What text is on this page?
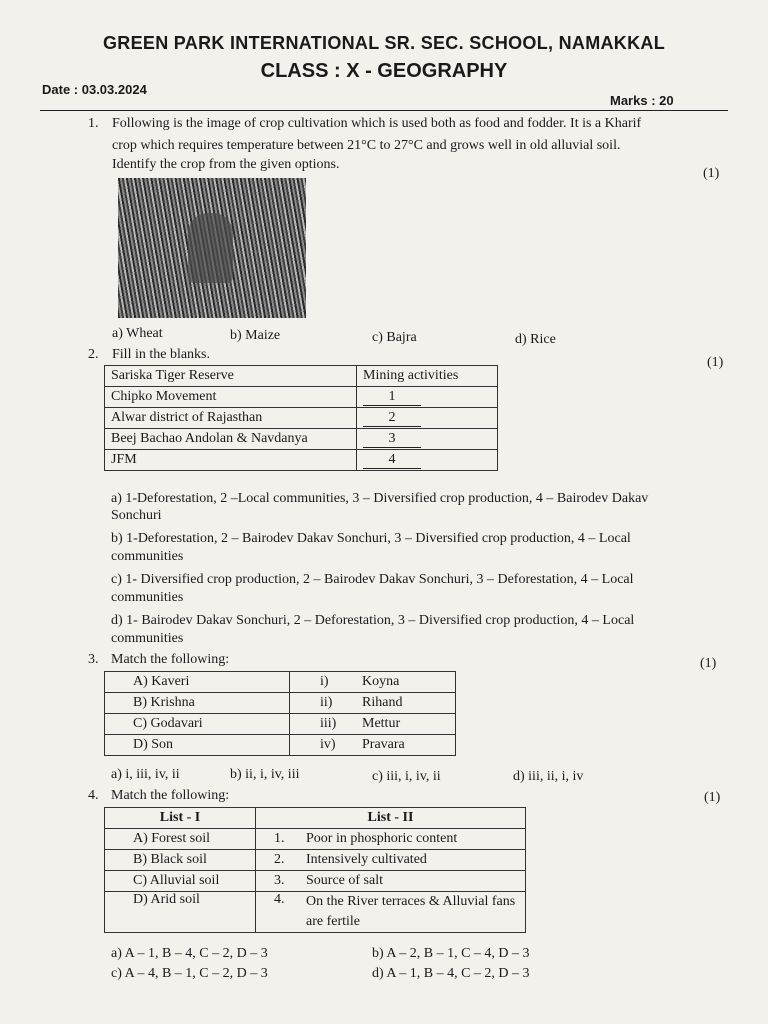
GREEN PARK INTERNATIONAL SR. SEC. SCHOOL, NAMAKKAL
CLASS : X - GEOGRAPHY
Date : 03.03.2024
Marks : 20
1. Following is the image of crop cultivation which is used both as food and fodder. It is a Kharif
crop which requires temperature between 21°C to 27°C and grows well in old alluvial soil.
Identify the crop from the given options.
(1)
a) Wheat	b) Maize	c) Bajra	d) Rice
2. Fill in the blanks.
(1)
Sariska Tiger Reserve	Mining activities
Chipko Movement	1
Alwar district of Rajasthan	2
Beej Bachao Andolan & Navdanya	3
JFM	4
a) 1-Deforestation, 2 –Local communities, 3 – Diversified crop production, 4 – Bairodev Dakav
Sonchuri
b) 1-Deforestation, 2 – Bairodev Dakav Sonchuri, 3 – Diversified crop production, 4 – Local
communities
c) 1- Diversified crop production, 2 – Bairodev Dakav Sonchuri, 3 – Deforestation, 4 – Local
communities
d) 1- Bairodev Dakav Sonchuri, 2 – Deforestation, 3 – Diversified crop production, 4 – Local
communities
3. Match the following:	(1)
A) Kaveri	i)	Koyna
B) Krishna	ii)	Rihand
C) Godavari	iii)	Mettur
D) Son	iv)	Pravara
a) i, iii, iv, ii	b) ii, i, iv, iii	c) iii, i, iv, ii	d) iii, ii, i, iv
4. Match the following:	(1)
List - I	List - II	
A) Forest soil	1.	Poor in phosphoric content
B) Black soil	2.	Intensively cultivated
C) Alluvial soil	3.	Source of salt
D) Arid soil	4.	On the River terraces & Alluvial fans are fertile
a) A – 1, B – 4, C – 2, D – 3	b) A – 2, B – 1, C – 4, D – 3
c) A – 4, B – 1, C – 2, D – 3	d) A – 1, B – 4, C – 2, D – 3
